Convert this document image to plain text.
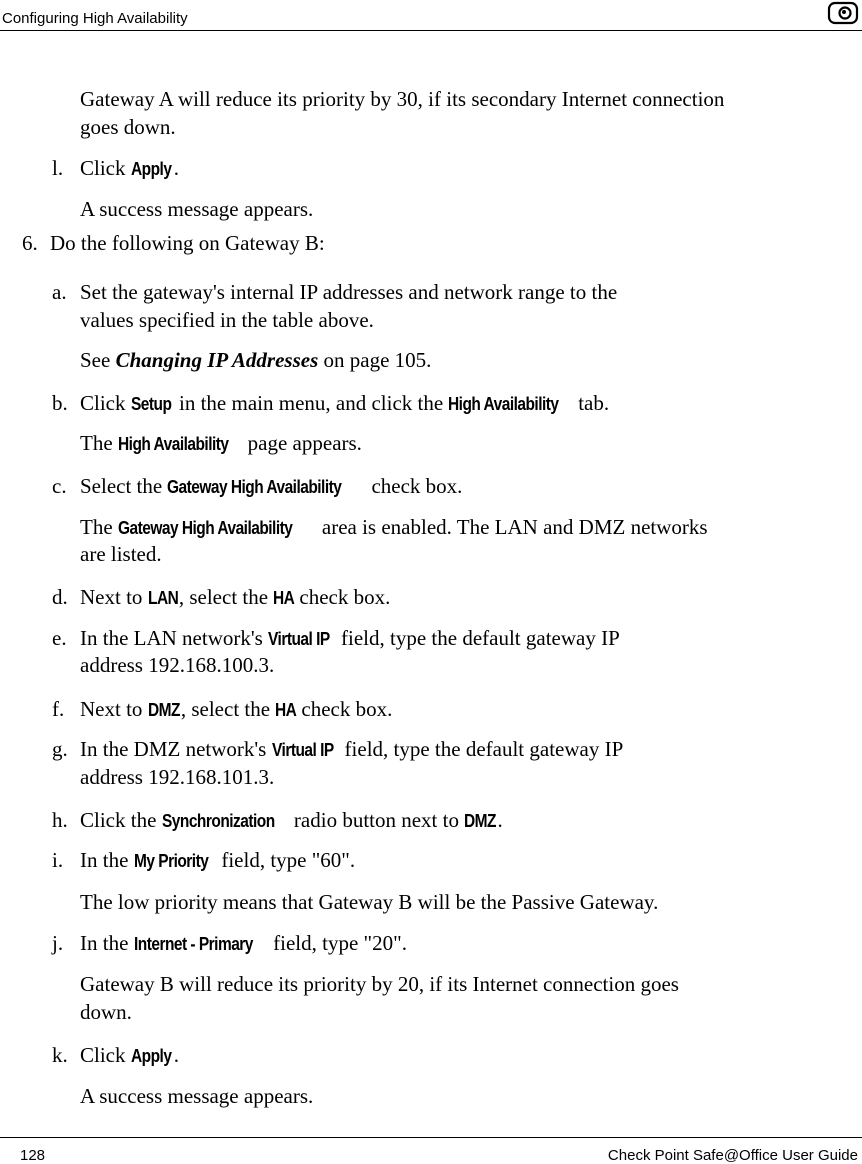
Configuring High Availability
Gateway A will reduce its priority by 30, if its secondary Internet connection
goes down.
l. Click Apply .
A success message appears.
6. Do the following on Gateway B:
a. Set the gateway's internal IP addresses and network range to the
values specified in the table above.
See Changing IP Addresses on page 105.
b. Click Setup in the main menu, and click the High Availability tab.
The High Availability page appears.
c. Select the Gateway High Availability check box.
The Gateway High Availability area is enabled. The LAN and DMZ networks
are listed.
d. Next to LAN, select the HA check box.
e. In the LAN network's Virtual IP field, type the default gateway IP
address 192.168.100.3.
f. Next to DMZ, select the HA check box.
g. In the DMZ network's Virtual IP field, type the default gateway IP
address 192.168.101.3.
h. Click the Synchronization radio button next to DMZ.
i. In the My Priority field, type "60".
The low priority means that Gateway B will be the Passive Gateway.
j. In the Internet - Primary field, type "20".
Gateway B will reduce its priority by 20, if its Internet connection goes
down.
k. Click Apply .
A success message appears.
128	Check Point Safe@Office User Guide
